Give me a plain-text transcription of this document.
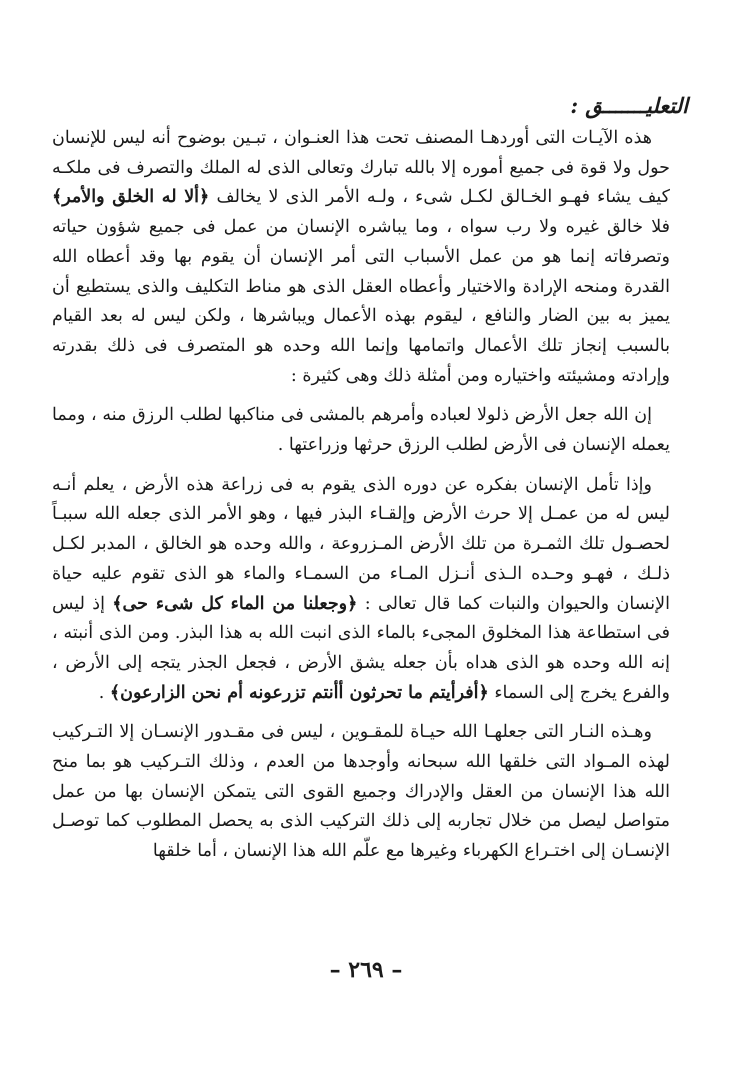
التعليـــــــق :

هذه الآيـات التى أوردهـا المصنف تحت هذا العنـوان ، تبـين بوضوح أنه ليس للإنسان حول ولا قوة فى جميع أموره إلا بالله تبارك وتعالى الذى له الملك والتصرف فى ملكـه كيف يشاء فهـو الخـالق لكـل شىء ، ولـه الأمر الذى لا يخالف ﴿ألا له الخلق والأمر﴾ فلا خالق غيره ولا رب سواه ، وما يباشره الإنسان من عمل فى جميع شؤون حياته وتصرفاته إنما هو من عمل الأسباب التى أمر الإنسان أن يقوم بها وقد أعطاه الله القدرة ومنحه الإرادة والاختيار وأعطاه العقل الذى هو مناط التكليف والذى يستطيع أن يميز به بين الضار والنافع ، ليقوم بهذه الأعمال ويباشرها ، ولكن ليس له بعد القيام بالسبب إنجاز تلك الأعمال واتمامها وإنما الله وحده هو المتصرف فى ذلك بقدرته وإرادته ومشيئته واختياره ومن أمثلة ذلك وهى كثيرة :

إن الله جعل الأرض ذلولا لعباده وأمرهم بالمشى فى مناكبها لطلب الرزق منه ، ومما يعمله الإنسان فى الأرض لطلب الرزق حرثها وزراعتها .

وإذا تأمل الإنسان بفكره عن دوره الذى يقوم به فى زراعة هذه الأرض ، يعلم أنـه ليس له من عمـل إلا حرث الأرض وإلقـاء البذر فيها ، وهو الأمر الذى جعله الله سببـاً لحصـول تلك الثمـرة من تلك الأرض المـزروعة ، والله وحده هو الخالق ، المدبر لكـل ذلـك ، فهـو وحـده الـذى أنـزل المـاء من السمـاء والماء هو الذى تقوم عليه حياة الإنسان والحيوان والنبات كما قال تعالى : ﴿وجعلنا من الماء كل شىء حى﴾ إذ ليس فى استطاعة هذا المخلوق المجىء بالماء الذى انبت الله به هذا البذر. ومن الذى أنبته ، إنه الله وحده هو الذى هداه بأن جعله يشق الأرض ، فجعل الجذر يتجه إلى الأرض ، والفرع يخرج إلى السماء ﴿أفرأيتم ما تحرثون أأنتم تزرعونه أم نحن الزارعون﴾ .

وهـذه النـار التى جعلهـا الله حيـاة للمقـوين ، ليس فى مقـدور الإنسـان إلا التـركيب لهذه المـواد التى خلقها الله سبحانه وأوجدها من العدم ، وذلك التـركيب هو بما منح الله هذا الإنسان من العقل والإدراك وجميع القوى التى يتمكن الإنسان بها من عمل متواصل ليصل من خلال تجاربه إلى ذلك التركيب الذى به يحصل المطلوب كما توصـل الإنسـان إلى اختـراع الكهرباء وغيرها مع علّم الله هذا الإنسان ، أما خلقها

– ٢٦٩ –
